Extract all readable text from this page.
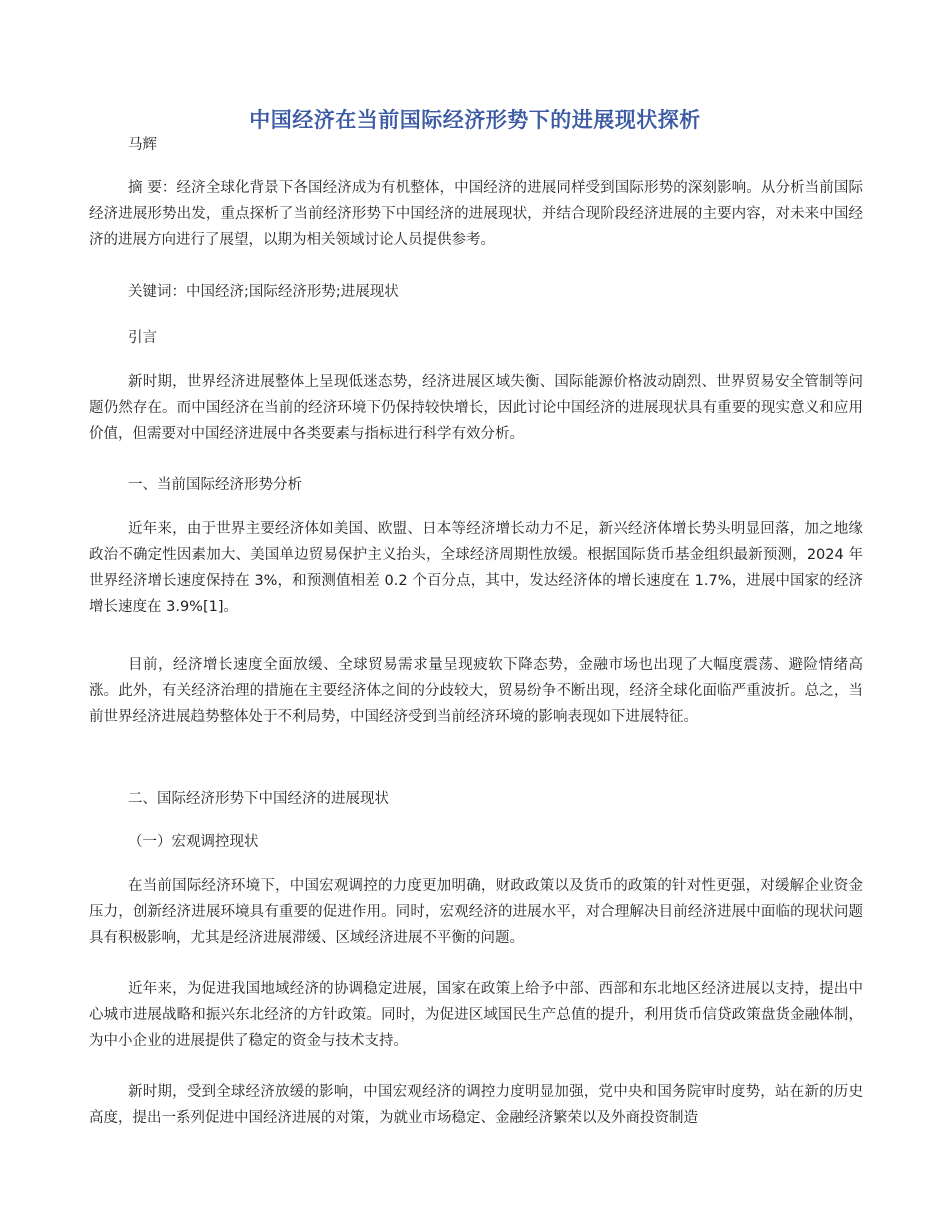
中国经济在当前国际经济形势下的进展现状探析

马辉

摘 要：经济全球化背景下各国经济成为有机整体，中国经济的进展同样受到国际形势的深刻影响。从分析当前国际经济进展形势出发，重点探析了当前经济形势下中国经济的进展现状，并结合现阶段经济进展的主要内容，对未来中国经济的进展方向进行了展望，以期为相关领域讨论人员提供参考。

关键词：中国经济;国际经济形势;进展现状

引言

新时期，世界经济进展整体上呈现低迷态势，经济进展区域失衡、国际能源价格波动剧烈、世界贸易安全管制等问题仍然存在。而中国经济在当前的经济环境下仍保持较快增长，因此讨论中国经济的进展现状具有重要的现实意义和应用价值，但需要对中国经济进展中各类要素与指标进行科学有效分析。

一、当前国际经济形势分析

近年来，由于世界主要经济体如美国、欧盟、日本等经济增长动力不足，新兴经济体增长势头明显回落，加之地缘政治不确定性因素加大、美国单边贸易保护主义抬头，全球经济周期性放缓。根据国际货币基金组织最新预测，2024 年世界经济增长速度保持在 3%，和预测值相差 0.2 个百分点，其中，发达经济体的增长速度在 1.7%，进展中国家的经济增长速度在 3.9%[1]。

目前，经济增长速度全面放缓、全球贸易需求量呈现疲软下降态势，金融市场也出现了大幅度震荡、避险情绪高涨。此外，有关经济治理的措施在主要经济体之间的分歧较大，贸易纷争不断出现，经济全球化面临严重波折。总之，当前世界经济进展趋势整体处于不利局势，中国经济受到当前经济环境的影响表现如下进展特征。

二、国际经济形势下中国经济的进展现状

（一）宏观调控现状

在当前国际经济环境下，中国宏观调控的力度更加明确，财政政策以及货币的政策的针对性更强，对缓解企业资金压力，创新经济进展环境具有重要的促进作用。同时，宏观经济的进展水平，对合理解决目前经济进展中面临的现状问题具有积极影响，尤其是经济进展滞缓、区域经济进展不平衡的问题。

近年来，为促进我国地域经济的协调稳定进展，国家在政策上给予中部、西部和东北地区经济进展以支持，提出中心城市进展战略和振兴东北经济的方针政策。同时，为促进区域国民生产总值的提升，利用货币信贷政策盘货金融体制，为中小企业的进展提供了稳定的资金与技术支持。

新时期，受到全球经济放缓的影响，中国宏观经济的调控力度明显加强，党中央和国务院审时度势，站在新的历史高度，提出一系列促进中国经济进展的对策，为就业市场稳定、金融经济繁荣以及外商投资制造
